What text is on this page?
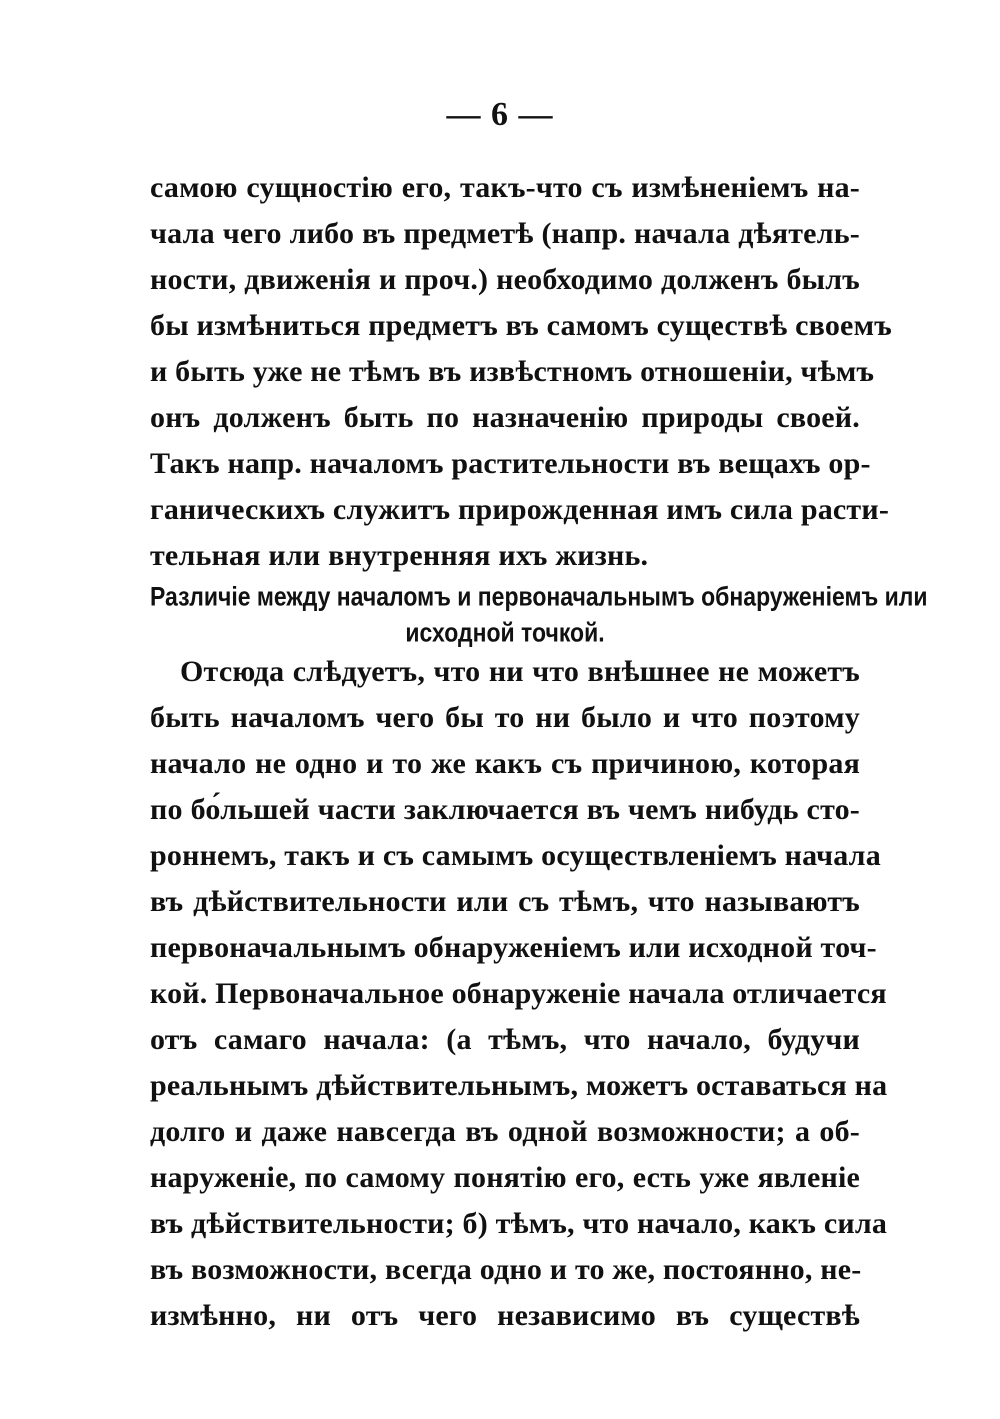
— 6 —
самою сущностію его, такъ-что съ измѣненіемъ на-
чала чего либо въ предметѣ (напр. начала дѣятель-
ности, движенія и проч.) необходимо долженъ былъ
бы измѣниться предметъ въ самомъ существѣ своемъ
и быть уже не тѣмъ въ извѣстномъ отношеніи, чѣмъ
онъ долженъ быть по назначенію природы своей.
Такъ напр. началомъ растительности въ вещахъ ор-
ганическихъ служитъ прирожденная имъ сила расти-
тельная или внутренняя ихъ жизнь.
Различіе между началомъ и первоначальнымъ обнаруженіемъ или
исходной точкой.
Отсюда слѣдуетъ, что ни что внѣшнее не можетъ
быть началомъ чего бы то ни было и что поэтому
начало не одно и то же какъ съ причиною, которая
по бо́льшей части заключается въ чемъ нибудь сто-
роннемъ, такъ и съ самымъ осуществленіемъ начала
въ дѣйствительности или съ тѣмъ, что называютъ
первоначальнымъ обнаруженіемъ или исходной точ-
кой. Первоначальное обнаруженіе начала отличается
отъ самаго начала: (а тѣмъ, что начало, будучи
реальнымъ дѣйствительнымъ, можетъ оставаться на
долго и даже навсегда въ одной возможности; а об-
наруженіе, по самому понятію его, есть уже явленіе
въ дѣйствительности; б) тѣмъ, что начало, какъ сила
въ возможности, всегда одно и то же, постоянно, не-
измѣнно, ни отъ чего независимо въ существѣ
